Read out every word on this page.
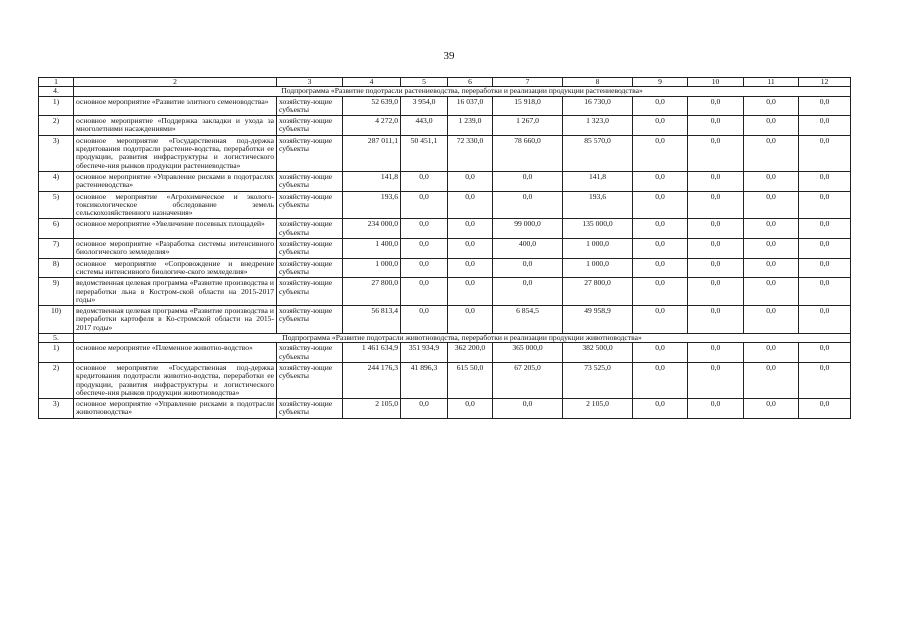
39
1	2	3	4	5	6	7	8	9	10	11	12
4.	Подпрограмма «Развитие подотрасли растениеводства, переработки и реализации продукции растениеводства»										
1)	основное мероприятие «Развитие элитного семеноводства»	хозяйству-ющие субъекты	52 639,0	3 954,0	16 037,0	15 918,0	16 730,0	0,0	0,0	0,0	0,0
2)	основное мероприятие «Поддержка закладки и ухода за многолетними насаждениями»	хозяйству-ющие субъекты	4 272,0	443,0	1 239,0	1 267,0	1 323,0	0,0	0,0	0,0	0,0
3)	основное мероприятие «Государственная под-держка кредитования подотрасли растение-водства, переработки ее продукции, развития инфраструктуры и логистического обеспече-ния рынков продукции растениеводства»	хозяйству-ющие субъекты	287 011,1	50 451,1	72 330,0	78 660,0	85 570,0	0,0	0,0	0,0	0,0
4)	основное мероприятие «Управление рисками в подотраслях растениеводства»	хозяйству-ющие субъекты	141,8	0,0	0,0	0,0	141,8	0,0	0,0	0,0	0,0
5)	основное мероприятие «Агрохимическое и эколого-токсикологическое обследование земель сельскохозяйственного назначения»	хозяйству-ющие субъекты	193,6	0,0	0,0	0,0	193,6	0,0	0,0	0,0	0,0
6)	основное мероприятие «Увеличение посевных площадей»	хозяйству-ющие субъекты	234 000,0	0,0	0,0	99 000,0	135 000,0	0,0	0,0	0,0	0,0
7)	основное мероприятие «Разработка системы интенсивного биологического земледелия»	хозяйству-ющие субъекты	1 400,0	0,0	0,0	400,0	1 000,0	0,0	0,0	0,0	0,0
8)	основное мероприятие «Сопровождение и внедрение системы интенсивного биологиче-ского земледелия»	хозяйству-ющие субъекты	1 000,0	0,0	0,0	0,0	1 000,0	0,0	0,0	0,0	0,0
9)	ведомственная целевая программа «Развитие производства и переработки льна в Костром-ской области на 2015-2017 годы»	хозяйству-ющие субъекты	27 800,0	0,0	0,0	0,0	27 800,0	0,0	0,0	0,0	0,0
10)	ведомственная целевая программа «Развитие производства и переработки картофеля в Ко-стромской области на 2015-2017 годы»	хозяйству-ющие субъекты	56 813,4	0,0	0,0	6 854,5	49 958,9	0,0	0,0	0,0	0,0
5.	Подпрограмма «Развитие подотрасли животноводства, переработки и реализации продукции животноводства»										
1)	основное мероприятие «Племенное животно-водство»	хозяйству-ющие субъекты	1 461 634,9	351 934,9	362 200,0	365 000,0	382 500,0	0,0	0,0	0,0	0,0
2)	основное мероприятие «Государственная под-держка кредитования подотрасли животно-водства, переработки ее продукции, развития инфраструктуры и логистического обеспече-ния рынков продукции животноводства»	хозяйству-ющие субъекты	244 176,3	41 896,3	615 50,0	67 205,0	73 525,0	0,0	0,0	0,0	0,0
3)	основное мероприятие «Управление рисками в подотрасли животноводства»	хозяйству-ющие субъекты	2 105,0	0,0	0,0	0,0	2 105,0	0,0	0,0	0,0	0,0
